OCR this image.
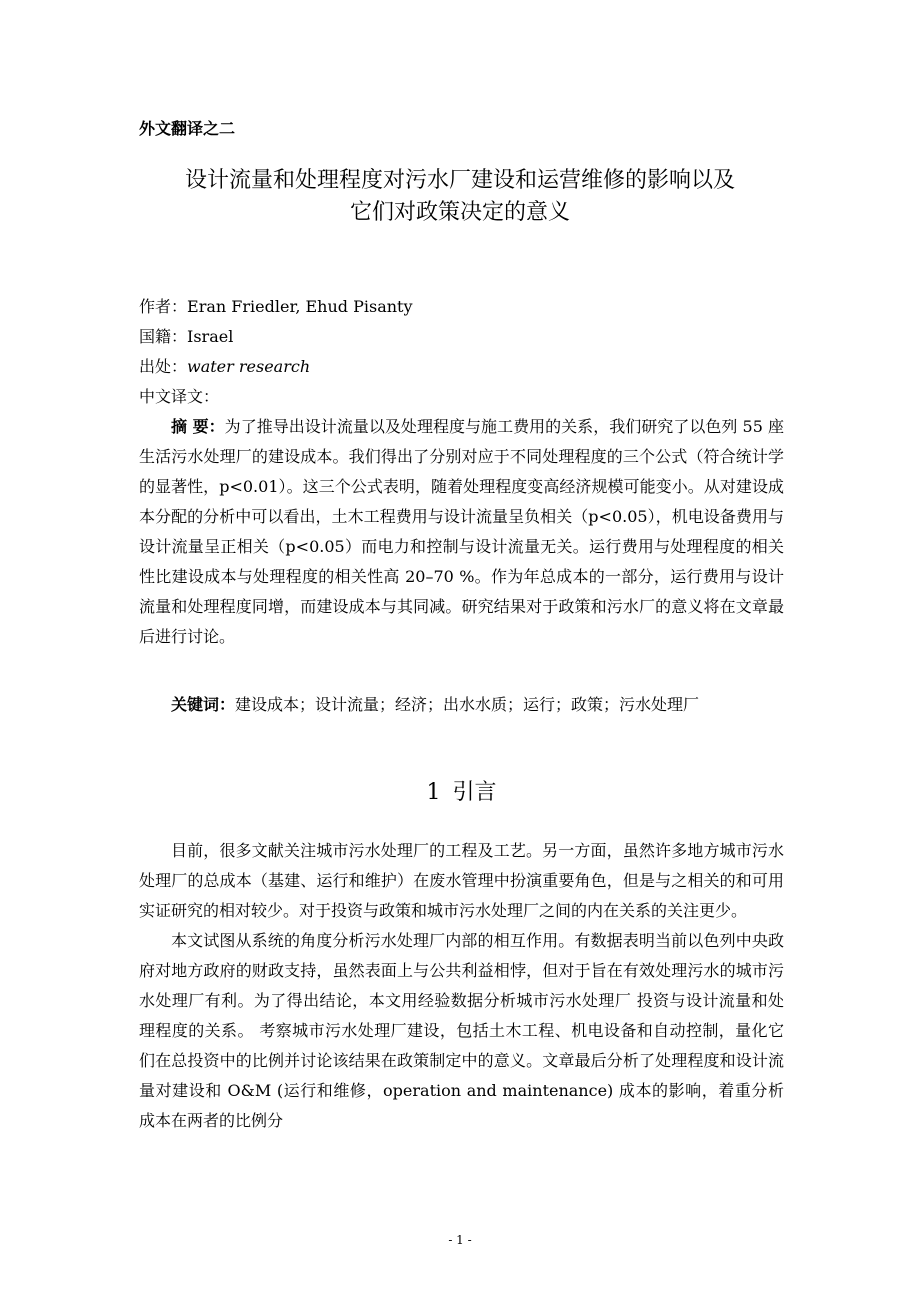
外文翻译之二
设计流量和处理程度对污水厂建设和运营维修的影响以及
它们对政策决定的意义
作者：Eran Friedler, Ehud Pisanty
国籍：Israel
出处：water research
中文译文：

摘 要：为了推导出设计流量以及处理程度与施工费用的关系，我们研究了以色列 55 座生活污水处理厂的建设成本。我们得出了分别对应于不同处理程度的三个公式（符合统计学的显著性，p<0.01）。这三个公式表明，随着处理程度变高经济规模可能变小。从对建设成本分配的分析中可以看出，土木工程费用与设计流量呈负相关（p<0.05），机电设备费用与设计流量呈正相关（p<0.05）而电力和控制与设计流量无关。运行费用与处理程度的相关性比建设成本与处理程度的相关性高 20–70 %。作为年总成本的一部分，运行费用与设计流量和处理程度同增，而建设成本与其同减。研究结果对于政策和污水厂的意义将在文章最后进行讨论。

关键词：建设成本；设计流量；经济；出水水质；运行；政策；污水处理厂

1 引言

目前，很多文献关注城市污水处理厂的工程及工艺。另一方面，虽然许多地方城市污水处理厂的总成本（基建、运行和维护）在废水管理中扮演重要角色，但是与之相关的和可用实证研究的相对较少。对于投资与政策和城市污水处理厂之间的内在关系的关注更少。

本文试图从系统的角度分析污水处理厂内部的相互作用。有数据表明当前以色列中央政府对地方政府的财政支持，虽然表面上与公共利益相悖，但对于旨在有效处理污水的城市污水处理厂有利。为了得出结论，本文用经验数据分析城市污水处理厂 投资与设计流量和处理程度的关系。 考察城市污水处理厂建设，包括土木工程、机电设备和自动控制，量化它们在总投资中的比例并讨论该结果在政策制定中的意义。文章最后分析了处理程度和设计流量对建设和 O&M (运行和维修，operation and maintenance) 成本的影响，着重分析成本在两者的比例分

- 1 -
